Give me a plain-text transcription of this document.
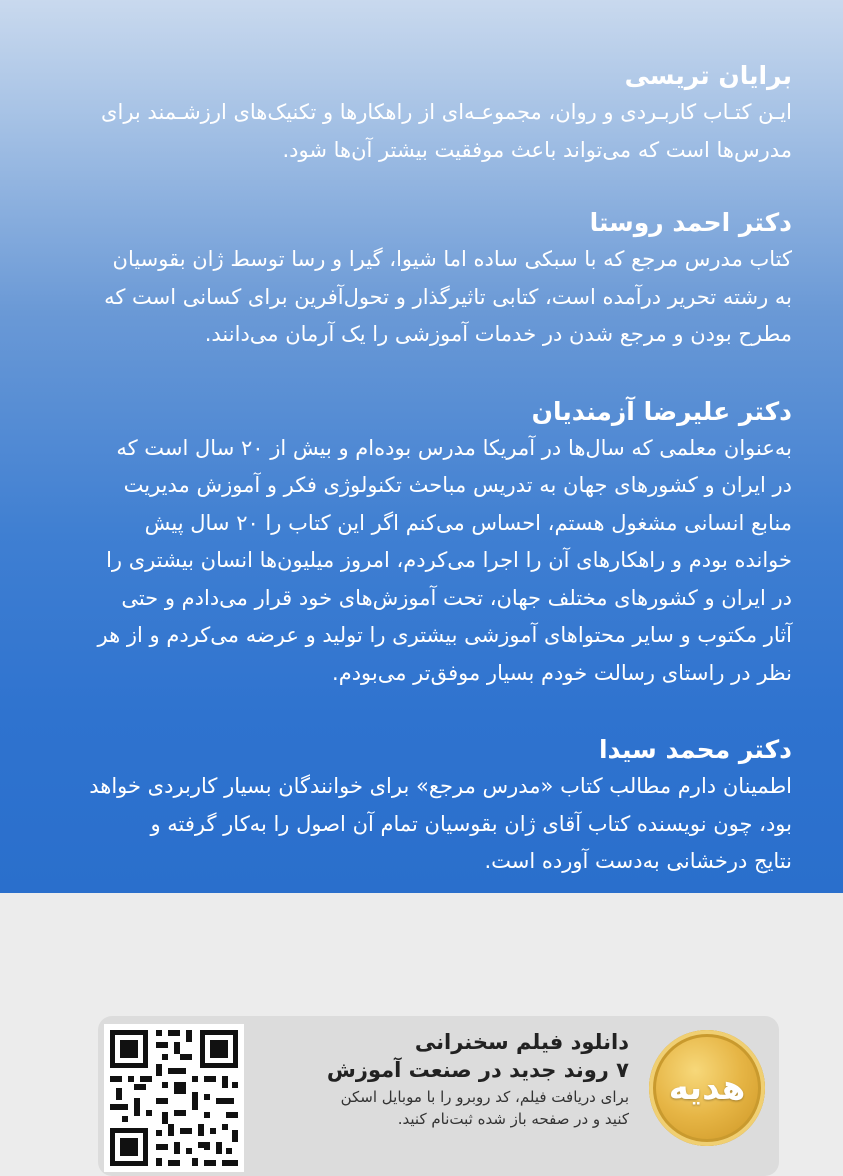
برایان تریسی
ایـن کتـاب کاربـردی و روان، مجموعـه‌ای از راهکارها و تکنیک‌های ارزشـمند برای
مدرس‌ها است که می‌تواند باعث موفقیت بیشتر آن‌ها شود.
دکتر احمد روستا
کتاب مدرس مرجع که با سبکی ساده اما شیوا، گیرا و رسا توسط ژان بقوسیان
به رشته تحریر درآمده است، کتابی تاثیرگذار و تحول‌آفرین برای کسانی است که
مطرح بودن و مرجع شدن در خدمات آموزشی را یک آرمان می‌دانند.
دکتر علیرضا آزمندیان
به‌عنوان معلمی که سال‌ها در آمریکا مدرس بوده‌ام و بیش از ۲۰ سال است که
در ایران و کشورهای جهان به تدریس مباحث تکنولوژی فکر و آموزش مدیریت
منابع انسانی مشغول هستم، احساس می‌کنم اگر این کتاب را ۲۰ سال پیش
خوانده بودم و راهکارهای آن را اجرا می‌کردم، امروز میلیون‌ها انسان بیشتری را
در ایران و کشورهای مختلف جهان، تحت آموزش‌های خود قرار می‌دادم و حتی
آثار مکتوب و سایر محتواهای آموزشی بیشتری را تولید و عرضه می‌کردم و از هر
نظر در راستای رسالت خودم بسیار موفق‌تر می‌بودم.
دکتر محمد سیدا
اطمینان دارم مطالب کتاب «مدرس مرجع» برای خوانندگان بسیار کاربردی خواهد
بود، چون نویسنده کتاب آقای ژان بقوسیان تمام آن اصول را به‌کار گرفته و
نتایج درخشانی به‌دست آورده است.
دانلود فیلم سخنرانی
۷ روند جدید در صنعت آموزش
برای دریافت فیلم، کد روبرو را با موبایل اسکن
کنید و در صفحه باز شده ثبت‌نام کنید.
هدیه
